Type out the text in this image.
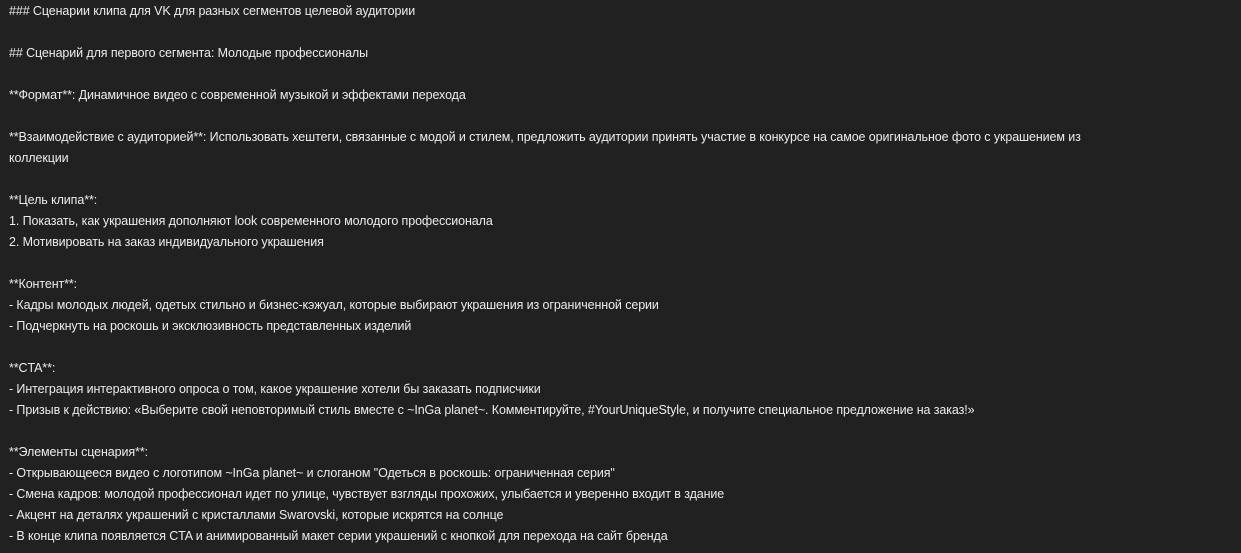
### Сценарии клипа для VK для разных сегментов целевой аудитории
## Сценарий для первого сегмента: Молодые профессионалы
**Формат**: Динамичное видео с современной музыкой и эффектами перехода
**Взаимодействие с аудиторией**: Использовать хештеги, связанные с модой и стилем, предложить аудитории принять участие в конкурсе на самое оригинальное фото с украшением из
коллекции
**Цель клипа**:
1. Показать, как украшения дополняют look современного молодого профессионала
2. Мотивировать на заказ индивидуального украшения
**Контент**:
- Кадры молодых людей, одетых стильно и бизнес-кэжуал, которые выбирают украшения из ограниченной серии
- Подчеркнуть на роскошь и эксклюзивность представленных изделий
**CTA**:
- Интеграция интерактивного опроса о том, какое украшение хотели бы заказать подписчики
- Призыв к действию: «Выберите свой неповторимый стиль вместе с ~InGa planet~. Комментируйте, #YourUniqueStyle, и получите специальное предложение на заказ!»
**Элементы сценария**:
- Открывающееся видео с логотипом ~InGa planet~ и слоганом "Одеться в роскошь: ограниченная серия"
- Смена кадров: молодой профессионал идет по улице, чувствует взгляды прохожих, улыбается и уверенно входит в здание
- Акцент на деталях украшений с кристаллами Swarovski, которые искрятся на солнце
- В конце клипа появляется CTA и анимированный макет серии украшений с кнопкой для перехода на сайт бренда
